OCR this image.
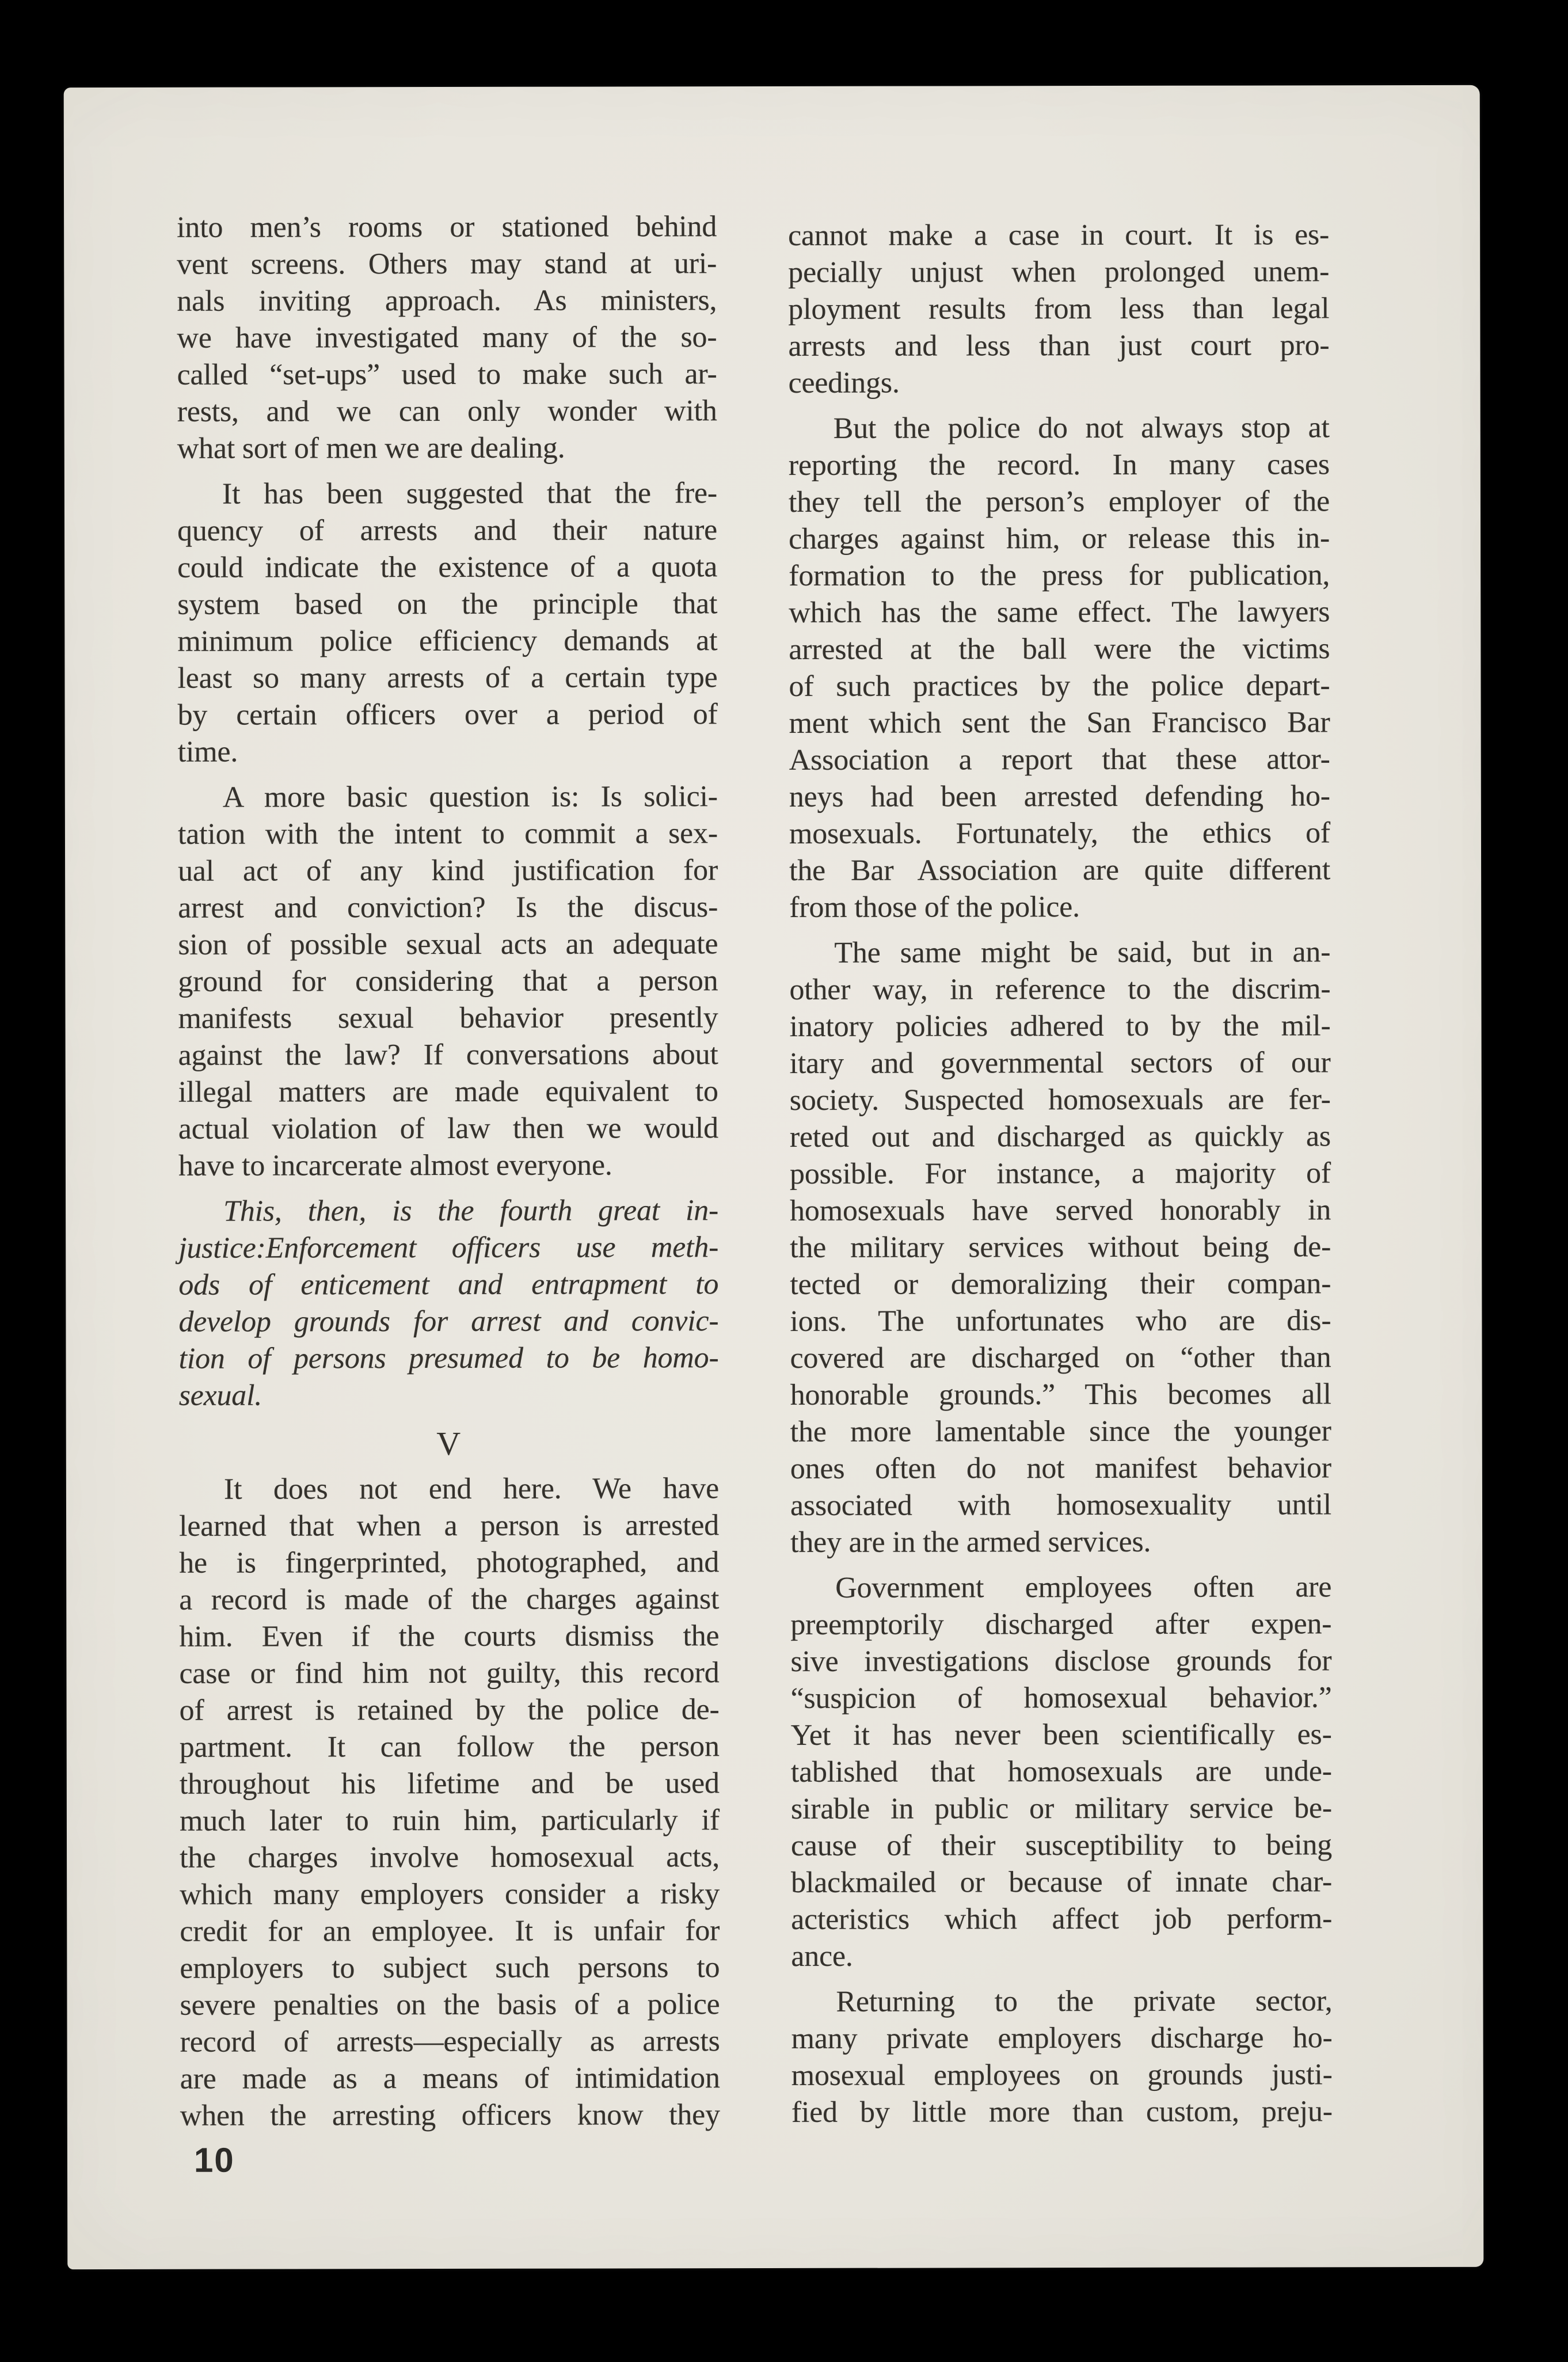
into men’s rooms or stationed behind
vent screens. Others may stand at uri-
nals inviting approach. As ministers,
we have investigated many of the so-
called “set-ups” used to make such ar-
rests, and we can only wonder with
what sort of men we are dealing.
It has been suggested that the fre-
quency of arrests and their nature
could indicate the existence of a quota
system based on the principle that
minimum police efficiency demands at
least so many arrests of a certain type
by certain officers over a period of
time.
A more basic question is: Is solici-
tation with the intent to commit a sex-
ual act of any kind justification for
arrest and conviction? Is the discus-
sion of possible sexual acts an adequate
ground for considering that a person
manifests sexual behavior presently
against the law? If conversations about
illegal matters are made equivalent to
actual violation of law then we would
have to incarcerate almost everyone.
This, then, is the fourth great in-
justice:Enforcement officers use meth-
ods of enticement and entrapment to
develop grounds for arrest and convic-
tion of persons presumed to be homo-
sexual.
V
It does not end here. We have
learned that when a person is arrested
he is fingerprinted, photographed, and
a record is made of the charges against
him. Even if the courts dismiss the
case or find him not guilty, this record
of arrest is retained by the police de-
partment. It can follow the person
throughout his lifetime and be used
much later to ruin him, particularly if
the charges involve homosexual acts,
which many employers consider a risky
credit for an employee. It is unfair for
employers to subject such persons to
severe penalties on the basis of a police
record of arrests—especially as arrests
are made as a means of intimidation
when the arresting officers know they
cannot make a case in court. It is es-
pecially unjust when prolonged unem-
ployment results from less than legal
arrests and less than just court pro-
ceedings.
But the police do not always stop at
reporting the record. In many cases
they tell the person’s employer of the
charges against him, or release this in-
formation to the press for publication,
which has the same effect. The lawyers
arrested at the ball were the victims
of such practices by the police depart-
ment which sent the San Francisco Bar
Association a report that these attor-
neys had been arrested defending ho-
mosexuals. Fortunately, the ethics of
the Bar Association are quite different
from those of the police.
The same might be said, but in an-
other way, in reference to the discrim-
inatory policies adhered to by the mil-
itary and governmental sectors of our
society. Suspected homosexuals are fer-
reted out and discharged as quickly as
possible. For instance, a majority of
homosexuals have served honorably in
the military services without being de-
tected or demoralizing their compan-
ions. The unfortunates who are dis-
covered are discharged on “other than
honorable grounds.” This becomes all
the more lamentable since the younger
ones often do not manifest behavior
associated with homosexuality until
they are in the armed services.
Government employees often are
preemptorily discharged after expen-
sive investigations disclose grounds for
“suspicion of homosexual behavior.”
Yet it has never been scientifically es-
tablished that homosexuals are unde-
sirable in public or military service be-
cause of their susceptibility to being
blackmailed or because of innate char-
acteristics which affect job perform-
ance.
Returning to the private sector,
many private employers discharge ho-
mosexual employees on grounds justi-
fied by little more than custom, preju-
10
